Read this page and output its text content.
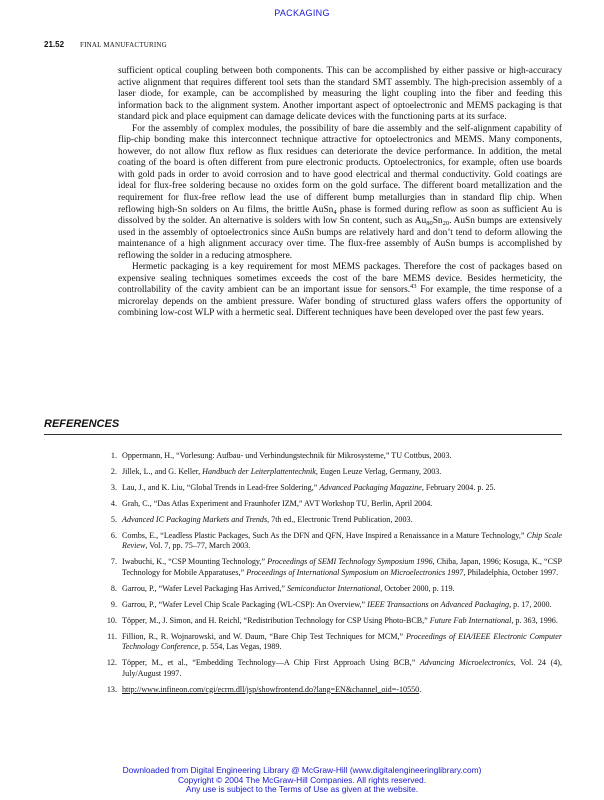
PACKAGING
21.52 FINAL MANUFACTURING

sufficient optical coupling between both components. This can be accomplished by either passive or high-accuracy active alignment that requires different tool sets than the standard SMT assembly. The high-precision assembly of a laser diode, for example, can be accomplished by measuring the light coupling into the fiber and feeding this information back to the alignment system. Another important aspect of optoelectronic and MEMS packaging is that standard pick and place equipment can damage delicate devices with the functioning parts at its surface.

For the assembly of complex modules, the possibility of bare die assembly and the self-alignment capability of flip-chip bonding make this interconnect technique attractive for optoelectronics and MEMS. Many components, however, do not allow flux reflow as flux residues can deteriorate the device performance. In addition, the metal coating of the board is often different from pure electronic products. Optoelectronics, for example, often use boards with gold pads in order to avoid corrosion and to have good electrical and thermal conductivity. Gold coatings are ideal for flux-free soldering because no oxides form on the gold surface. The different board metallization and the requirement for flux-free reflow lead the use of different bump metallurgies than in standard flip chip. When reflowing high-Sn solders on Au films, the brittle AuSn$_4$ phase is formed during reflow as soon as sufficient Au is dissolved by the solder. An alternative is solders with low Sn content, such as $Au_{80}Sn_{20}$. AuSn bumps are extensively used in the assembly of optoelectronics since AuSn bumps are relatively hard and don’t tend to deform allowing the maintenance of a high alignment accuracy over time. The flux-free assembly of AuSn bumps is accomplished by reflowing the solder in a reducing atmosphere.

Hermetic packaging is a key requirement for most MEMS packages. Therefore the cost of packages based on expensive sealing techniques sometimes exceeds the cost of the bare MEMS device. Besides hermeticity, the controllability of the cavity ambient can be an important issue for sensors.$^{43}$ For example, the time response of a microrelay depends on the ambient pressure. Wafer bonding of structured glass wafers offers the opportunity of combining low-cost WLP with a hermetic seal. Different techniques have been developed over the past few years.

REFERENCES
1. Oppermann, H., “Vorlesung: Aufbau- und Verbindungstechnik für Mikrosysteme,” TU Cottbus, 2003.
2. Jillek, L., and G. Keller, Handbuch der Leiterplattentechnik, Eugen Leuze Verlag, Germany, 2003.
3. Lau, J., and K. Liu, “Global Trends in Lead-free Soldering,” Advanced Packaging Magazine, February 2004. p. 25.
4. Grah, C., “Das Atlas Experiment and Fraunhofer IZM,” AVT Workshop TU, Berlin, April 2004.
5. Advanced IC Packaging Markets and Trends, 7th ed., Electronic Trend Publication, 2003.
6. Combs, E., “Leadless Plastic Packages, Such As the DFN and QFN, Have Inspired a Renaissance in a Mature Technology,” Chip Scale Review, Vol. 7, pp. 75–77, March 2003.
7. Iwabuchi, K., “CSP Mounting Technology,” Proceedings of SEMI Technology Symposium 1996, Chiba, Japan, 1996; Kosuga, K., “CSP Technology for Mobile Apparatuses,” Proceedings of International Symposium on Microelectronics 1997, Philadelphia, October 1997.
8. Garrou, P., “Wafer Level Packaging Has Arrived,” Semiconductor International, October 2000, p. 119.
9. Garrou, P., “Wafer Level Chip Scale Packaging (WL-CSP): An Overview,” IEEE Transactions on Advanced Packaging, p. 17, 2000.
10. Töpper, M., J. Simon, and H. Reichl, “Redistribution Technology for CSP Using Photo-BCB,” Future Fab International, p. 363, 1996.
11. Fillion, R., R. Wojnarowski, and W. Daum, “Bare Chip Test Techniques for MCM,” Proceedings of EIA/IEEE Electronic Computer Technology Conference, p. 554, Las Vegas, 1989.
12. Töpper, M., et al., “Embedding Technology—A Chip First Approach Using BCB,” Advancing Microelectronics, Vol. 24 (4), July/August 1997.
13. http://www.infineon.com/cgi/ecrm.dll/jsp/showfrontend.do?lang=EN&channel_oid=-10550.
Downloaded from Digital Engineering Library @ McGraw-Hill (www.digitalengineeringlibrary.com)
Copyright © 2004 The McGraw-Hill Companies. All rights reserved.
Any use is subject to the Terms of Use as given at the website.
